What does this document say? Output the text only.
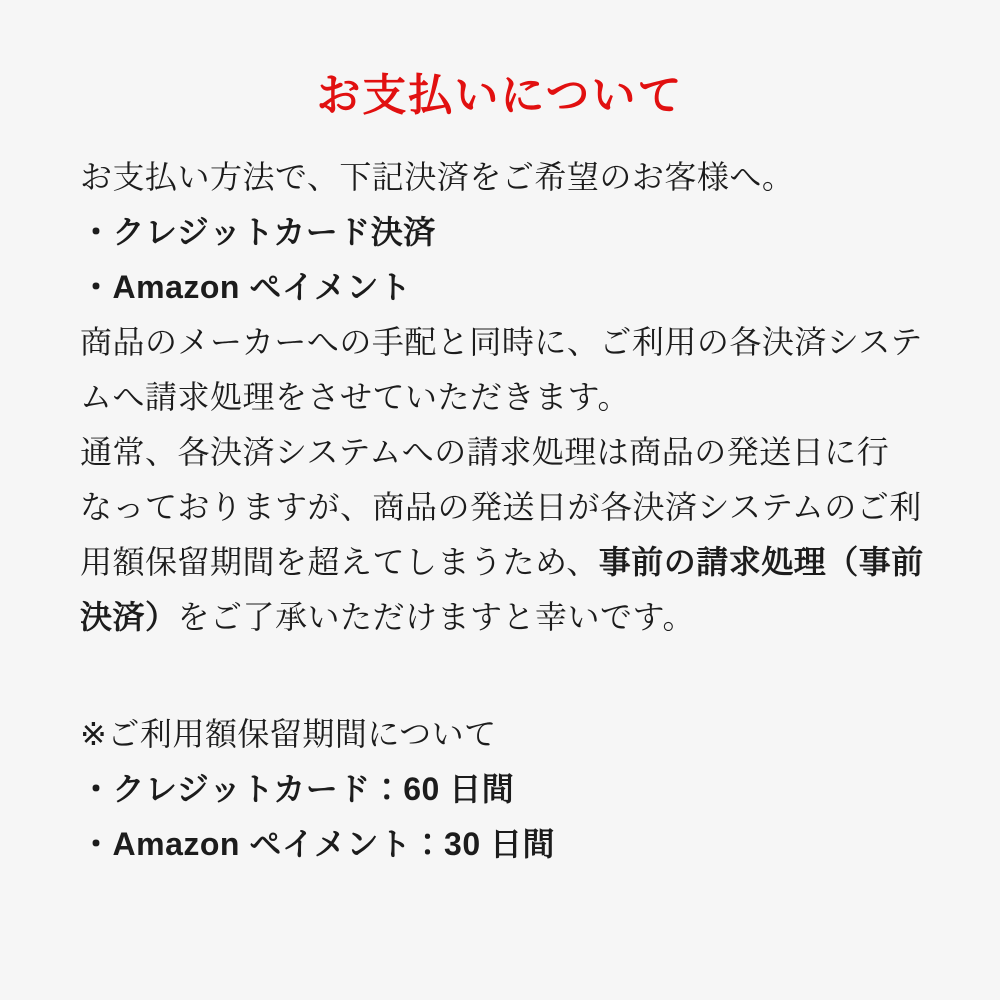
お支払いについて

お支払い方法で、下記決済をご希望のお客様へ。

・クレジットカード決済

・Amazon ペイメント

商品のメーカーへの手配と同時に、ご利用の各決済システ

ムへ請求処理をさせていただきます。

通常、各決済システムへの請求処理は商品の発送日に行

なっておりますが、商品の発送日が各決済システムのご利

用額保留期間を超えてしまうため、事前の請求処理（事前

決済）をご了承いただけますと幸いです。

※ご利用額保留期間について

・クレジットカード：60 日間

・Amazon ペイメント：30 日間
